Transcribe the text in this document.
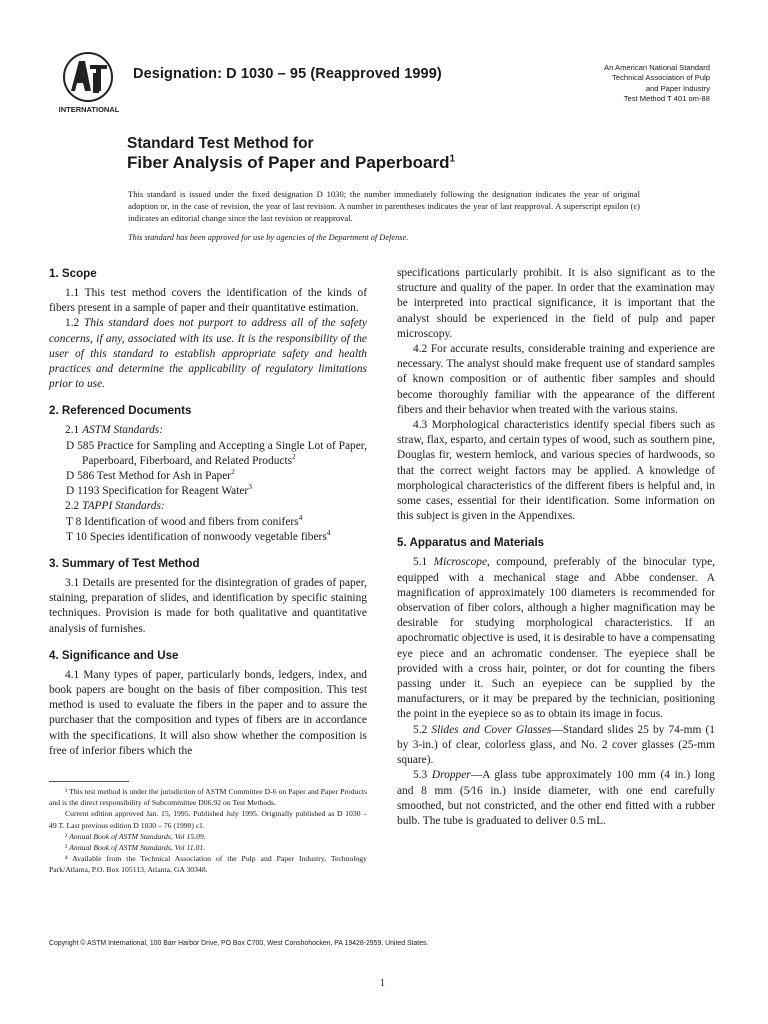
INTERNATIONAL
Designation: D 1030 – 95 (Reapproved 1999)	An American National Standard
Technical Association of Pulp
and Paper Industry
Test Method T 401 om-88
Standard Test Method for
Fiber Analysis of Paper and Paperboard$^1$

This standard is issued under the fixed designation D 1030; the number immediately following the designation indicates the year of original adoption or, in the case of revision, the year of last revision. A number in parentheses indicates the year of last reapproval. A superscript epsilon (ε) indicates an editorial change since the last revision or reapproval.

This standard has been approved for use by agencies of the Department of Defense.
1. Scope

1.1 This test method covers the identification of the kinds of fibers present in a sample of paper and their quantitative estimation.

1.2 This standard does not purport to address all of the safety concerns, if any, associated with its use. It is the responsibility of the user of this standard to establish appropriate safety and health practices and determine the applicability of regulatory limitations prior to use.

2. Referenced Documents

2.1 ASTM Standards:

D 585 Practice for Sampling and Accepting a Single Lot of Paper, Paperboard, Fiberboard, and Related Products$^2$

D 586 Test Method for Ash in Paper$^2$

D 1193 Specification for Reagent Water$^3$

2.2 TAPPI Standards:

T 8 Identification of wood and fibers from conifers$^4$

T 10 Species identification of nonwoody vegetable fibers$^4$

3. Summary of Test Method

3.1 Details are presented for the disintegration of grades of paper, staining, preparation of slides, and identification by specific staining techniques. Provision is made for both qualitative and quantitative analysis of furnishes.

4. Significance and Use

4.1 Many types of paper, particularly bonds, ledgers, index, and book papers are bought on the basis of fiber composition. This test method is used to evaluate the fibers in the paper and to assure the purchaser that the composition and types of fibers are in accordance with the specifications. It will also show whether the composition is free of inferior fibers which the

¹ This test method is under the jurisdiction of ASTM Committee D-6 on Paper and Paper Products and is the direct responsibility of Subcommittee D06.92 on Test Methods.

Current edition approved Jan. 15, 1995. Published July 1995. Originally published as D 1030 – 49 T. Last previous edition D 1030 – 76 (1990) ε1.

² Annual Book of ASTM Standards, Vol 15.09.

³ Annual Book of ASTM Standards, Vol 11.01.

⁴ Available from the Technical Association of the Pulp and Paper Industry, Technology Park/Atlanta, P.O. Box 105113, Atlanta, GA 30348.

specifications particularly prohibit. It is also significant as to the structure and quality of the paper. In order that the examination may be interpreted into practical significance, it is important that the analyst should be experienced in the field of pulp and paper microscopy.

4.2 For accurate results, considerable training and experience are necessary. The analyst should make frequent use of standard samples of known composition or of authentic fiber samples and should become thoroughly familiar with the appearance of the different fibers and their behavior when treated with the various stains.

4.3 Morphological characteristics identify special fibers such as straw, flax, esparto, and certain types of wood, such as southern pine, Douglas fir, western hemlock, and various species of hardwoods, so that the correct weight factors may be applied. A knowledge of morphological characteristics of the different fibers is helpful and, in some cases, essential for their identification. Some information on this subject is given in the Appendixes.

5. Apparatus and Materials

5.1 Microscope, compound, preferably of the binocular type, equipped with a mechanical stage and Abbe condenser. A magnification of approximately 100 diameters is recommended for observation of fiber colors, although a higher magnification may be desirable for studying morphological characteristics. If an apochromatic objective is used, it is desirable to have a compensating eye piece and an achromatic condenser. The eyepiece shall be provided with a cross hair, pointer, or dot for counting the fibers passing under it. Such an eyepiece can be supplied by the manufacturers, or it may be prepared by the technician, positioning the point in the eyepiece so as to obtain its image in focus.

5.2 Slides and Cover Glasses—Standard slides 25 by 74-mm (1 by 3-in.) of clear, colorless glass, and No. 2 cover glasses (25-mm square).

5.3 Dropper—A glass tube approximately 100 mm (4 in.) long and 8 mm (5⁄16 in.) inside diameter, with one end carefully smoothed, but not constricted, and the other end fitted with a rubber bulb. The tube is graduated to deliver 0.5 mL.

Copyright © ASTM International, 100 Barr Harbor Drive, PO Box C700, West Conshohocken, PA 19428-2959, United States.
1
